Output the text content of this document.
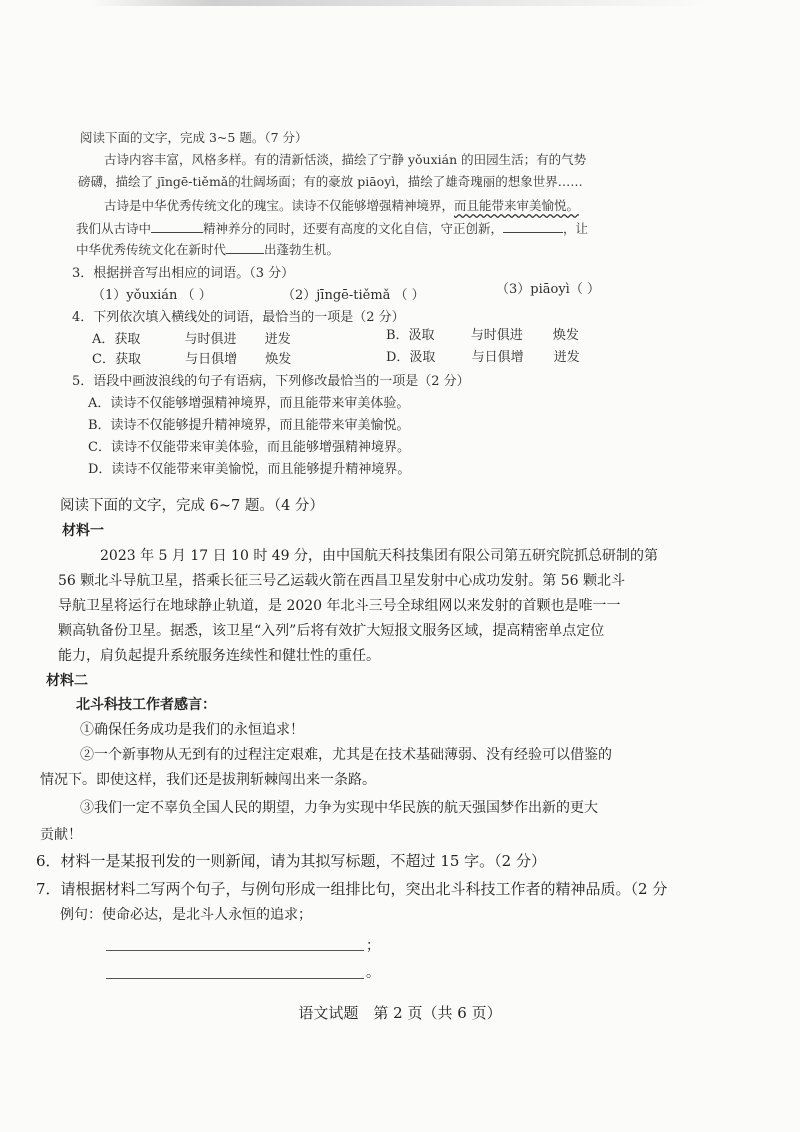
阅读下面的文字，完成 3~5 题。（7 分）
古诗内容丰富，风格多样。有的清新恬淡，描绘了宁静 yǒuxián 的田园生活；有的气势
磅礴，描绘了 jīngē-tiěmǎ的壮阔场面；有的豪放 piāoyì，描绘了雄奇瑰丽的想象世界……
古诗是中华优秀传统文化的瑰宝。读诗不仅能够增强精神境界，而且能带来审美愉悦。
我们从古诗中	精神养分的同时，还要有高度的文化自信，守正创新，	，让
中华优秀传统文化在新时代	出蓬勃生机。
3．根据拼音写出相应的词语。（3 分）
（1）yǒuxián （ ）	（2）jīngē-tiěmǎ （ ）	（3）piāoyì（ ）
4．下列依次填入横线处的词语，最恰当的一项是（2 分）
A．获取	与时俱进 迸发	B．汲取	与时俱进 焕发
C．获取	与日俱增 焕发	D．汲取	与日俱增 迸发
5．语段中画波浪线的句子有语病，下列修改最恰当的一项是（2 分）
A．读诗不仅能够增强精神境界，而且能带来审美体验。
B．读诗不仅能够提升精神境界，而且能带来审美愉悦。
C．读诗不仅能带来审美体验，而且能够增强精神境界。
D．读诗不仅能带来审美愉悦，而且能够提升精神境界。
阅读下面的文字，完成 6~7 题。（4 分）
材料一
2023 年 5 月 17 日 10 时 49 分，由中国航天科技集团有限公司第五研究院抓总研制的第
56 颗北斗导航卫星，搭乘长征三号乙运载火箭在西昌卫星发射中心成功发射。第 56 颗北斗
导航卫星将运行在地球静止轨道，是 2020 年北斗三号全球组网以来发射的首颗也是唯一一
颗高轨备份卫星。据悉，该卫星“入列”后将有效扩大短报文服务区域，提高精密单点定位
能力，肩负起提升系统服务连续性和健壮性的重任。
材料二
北斗科技工作者感言：
①确保任务成功是我们的永恒追求！
②一个新事物从无到有的过程注定艰难，尤其是在技术基础薄弱、没有经验可以借鉴的
情况下。即使这样，我们还是拔荆斩棘闯出来一条路。
③我们一定不辜负全国人民的期望，力争为实现中华民族的航天强国梦作出新的更大
贡献！
6．材料一是某报刊发的一则新闻，请为其拟写标题，不超过 15 字。（2 分）
7．请根据材料二写两个句子，与例句形成一组排比句，突出北斗科技工作者的精神品质。（2 分
例句：使命必达，是北斗人永恒的追求；
；
。
语文试题　第 2 页（共 6 页）
